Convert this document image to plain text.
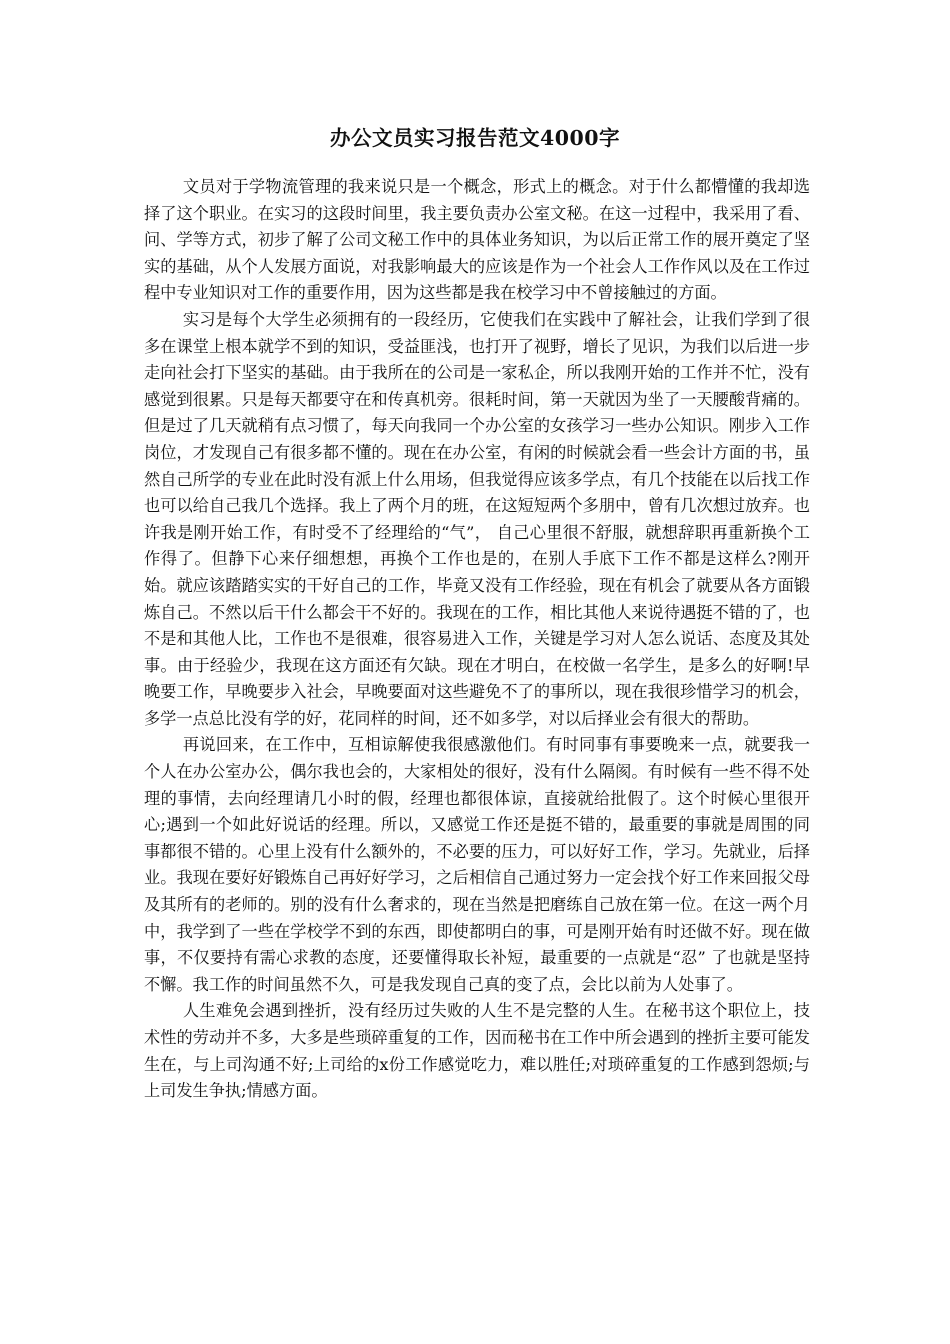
办公文员实习报告范文4000字

文员对于学物流管理的我来说只是一个概念，形式上的概念。对于什么都懵懂的我却选择了这个职业。在实习的这段时间里，我主要负责办公室文秘。在这一过程中，我采用了看、问、学等方式，初步了解了公司文秘工作中的具体业务知识，为以后正常工作的展开奠定了坚实的基础，从个人发展方面说，对我影响最大的应该是作为一个社会人工作作风以及在工作过程中专业知识对工作的重要作用，因为这些都是我在校学习中不曾接触过的方面。

实习是每个大学生必须拥有的一段经历，它使我们在实践中了解社会，让我们学到了很多在课堂上根本就学不到的知识，受益匪浅，也打开了视野，增长了见识，为我们以后进一步走向社会打下坚实的基础。由于我所在的公司是一家私企，所以我刚开始的工作并不忙，没有感觉到很累。只是每天都要守在和传真机旁。很耗时间，第一天就因为坐了一天腰酸背痛的。但是过了几天就稍有点习惯了，每天向我同一个办公室的女孩学习一些办公知识。刚步入工作岗位，才发现自己有很多都不懂的。现在在办公室，有闲的时候就会看一些会计方面的书，虽然自己所学的专业在此时没有派上什么用场，但我觉得应该多学点，有几个技能在以后找工作也可以给自己我几个选择。我上了两个月的班，在这短短两个多朋中，曾有几次想过放弃。也许我是刚开始工作，有时受不了经理给的“气”， 自己心里很不舒服，就想辞职再重新换个工作得了。但静下心来仔细想想，再换个工作也是的，在别人手底下工作不都是这样么?刚开始。就应该踏踏实实的干好自己的工作，毕竟又没有工作经验，现在有机会了就要从各方面锻炼自己。不然以后干什么都会干不好的。我现在的工作，相比其他人来说待遇挺不错的了，也不是和其他人比，工作也不是很难，很容易进入工作，关键是学习对人怎么说话、态度及其处事。由于经验少，我现在这方面还有欠缺。现在才明白，在校做一名学生，是多么的好啊!早晚要工作，早晚要步入社会，早晚要面对这些避免不了的事所以，现在我很珍惜学习的机会，多学一点总比没有学的好，花同样的时间，还不如多学，对以后择业会有很大的帮助。

再说回来，在工作中，互相谅解使我很感激他们。有时同事有事要晚来一点，就要我一个人在办公室办公，偶尔我也会的，大家相处的很好，没有什么隔阂。有时候有一些不得不处理的事情，去向经理请几小时的假，经理也都很体谅，直接就给批假了。这个时候心里很开心;遇到一个如此好说话的经理。所以，又感觉工作还是挺不错的，最重要的事就是周围的同事都很不错的。心里上没有什么额外的，不必要的压力，可以好好工作，学习。先就业，后择业。我现在要好好锻炼自己再好好学习，之后相信自己通过努力一定会找个好工作来回报父母及其所有的老师的。别的没有什么奢求的，现在当然是把磨练自己放在第一位。在这一两个月中，我学到了一些在学校学不到的东西，即使都明白的事，可是刚开始有时还做不好。现在做事，不仅要持有需心求教的态度，还要懂得取长补短，最重要的一点就是“忍” 了也就是坚持不懈。我工作的时间虽然不久，可是我发现自己真的变了点，会比以前为人处事了。

人生难免会遇到挫折，没有经历过失败的人生不是完整的人生。在秘书这个职位上，技术性的劳动并不多，大多是些琐碎重复的工作，因而秘书在工作中所会遇到的挫折主要可能发生在，与上司沟通不好;上司给的x份工作感觉吃力，难以胜任;对琐碎重复的工作感到怨烦;与上司发生争执;情感方面。
